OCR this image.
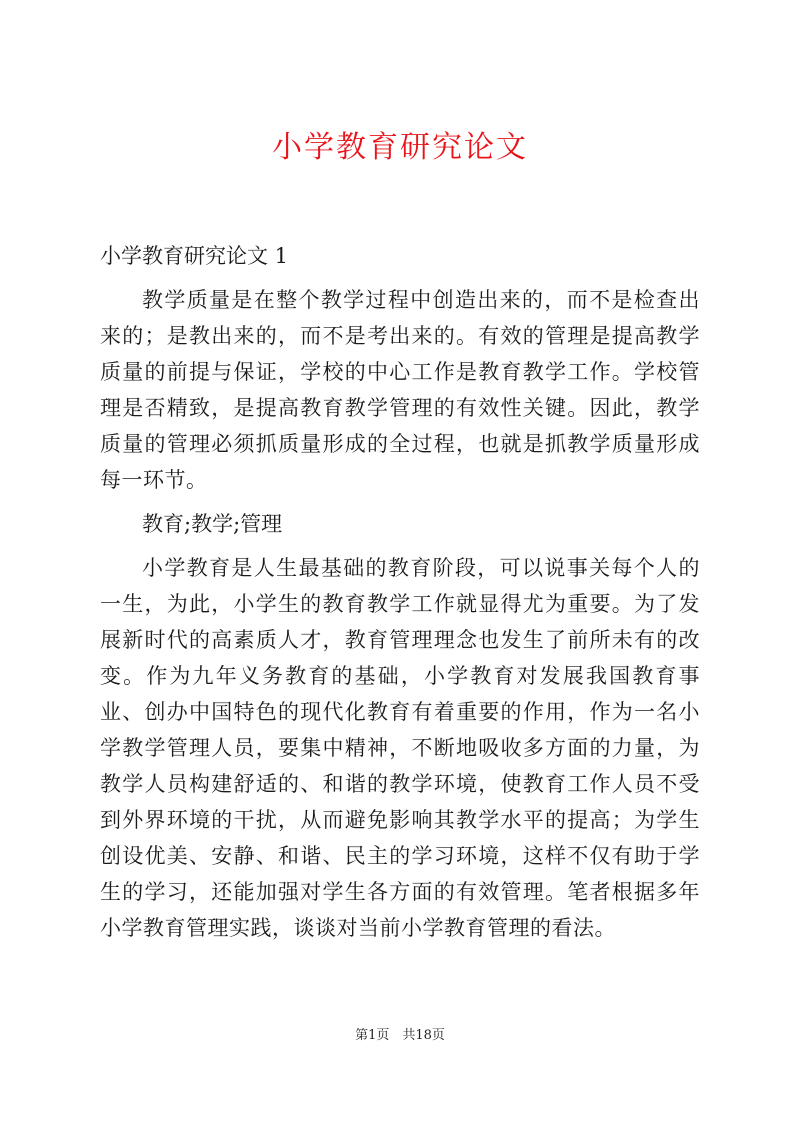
小学教育研究论文

小学教育研究论文 1

教学质量是在整个教学过程中创造出来的，而不是检查出来的；是教出来的，而不是考出来的。有效的管理是提高教学质量的前提与保证，学校的中心工作是教育教学工作。学校管理是否精致，是提高教育教学管理的有效性关键。因此，教学质量的管理必须抓质量形成的全过程，也就是抓教学质量形成每一环节。

教育;教学;管理

小学教育是人生最基础的教育阶段，可以说事关每个人的一生，为此，小学生的教育教学工作就显得尤为重要。为了发展新时代的高素质人才，教育管理理念也发生了前所未有的改变。作为九年义务教育的基础，小学教育对发展我国教育事业、创办中国特色的现代化教育有着重要的作用，作为一名小学教学管理人员，要集中精神，不断地吸收多方面的力量，为教学人员构建舒适的、和谐的教学环境，使教育工作人员不受到外界环境的干扰，从而避免影响其教学水平的提高；为学生创设优美、安静、和谐、民主的学习环境，这样不仅有助于学生的学习，还能加强对学生各方面的有效管理。笔者根据多年小学教育管理实践，谈谈对当前小学教育管理的看法。

第1页　共18页
